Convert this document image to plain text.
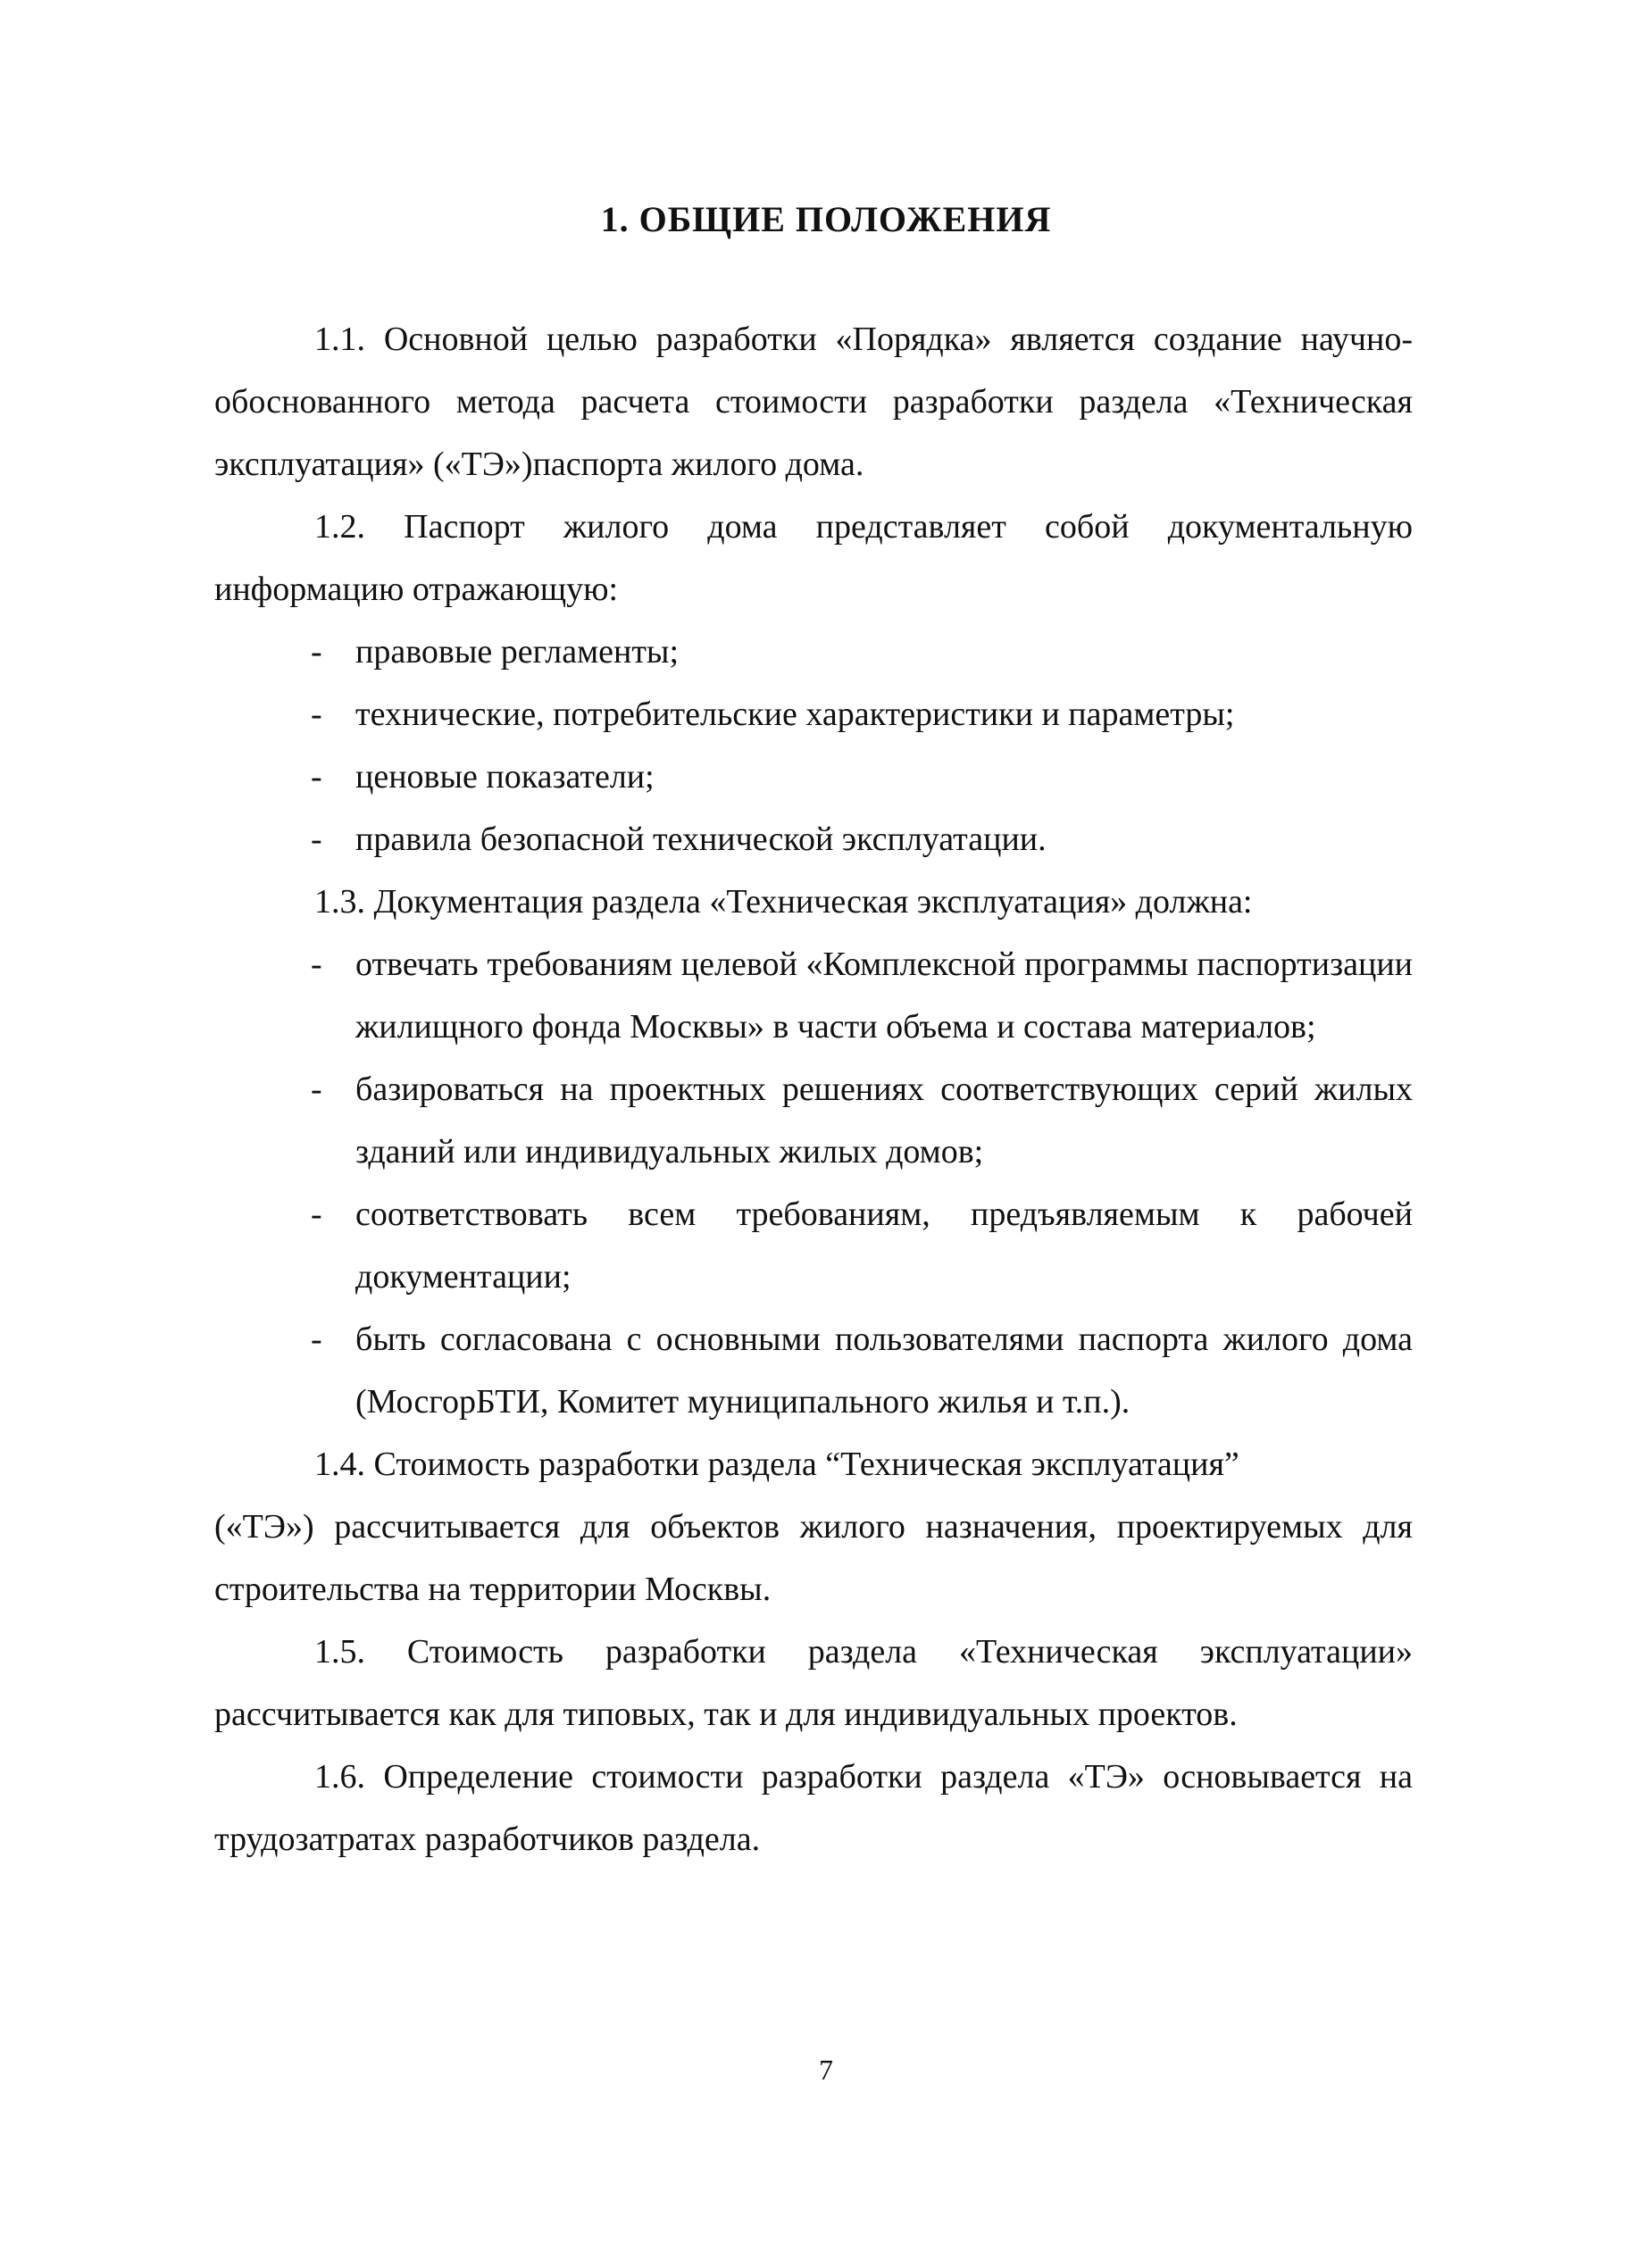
1. ОБЩИЕ ПОЛОЖЕНИЯ

1.1. Основной целью разработки «Порядка» является создание научно-обоснованного метода расчета стоимости разработки раздела «Техническая эксплуатация» («ТЭ»)паспорта жилого дома.

1.2. Паспорт жилого дома представляет собой документальную информацию отражающую:

- правовые регламенты;

- технические, потребительские характеристики и параметры;

- ценовые показатели;

- правила безопасной технической эксплуатации.

1.3. Документация раздела «Техническая эксплуатация» должна:

- отвечать требованиям целевой «Комплексной программы паспортизации жилищного фонда Москвы» в части объема и состава материалов;

- базироваться на проектных решениях соответствующих серий жилых зданий или индивидуальных жилых домов;

- соответствовать всем требованиям, предъявляемым к рабочей документации;

- быть согласована с основными пользователями паспорта жилого дома (МосгорБТИ, Комитет муниципального жилья и т.п.).

1.4. Стоимость разработки раздела “Техническая эксплуатация”

(«ТЭ») рассчитывается для объектов жилого назначения, проектируемых для строительства на территории Москвы.

1.5. Стоимость разработки раздела «Техническая эксплуатации» рассчитывается как для типовых, так и для индивидуальных проектов.

1.6. Определение стоимости разработки раздела «ТЭ» основывается на трудозатратах разработчиков раздела.

7
